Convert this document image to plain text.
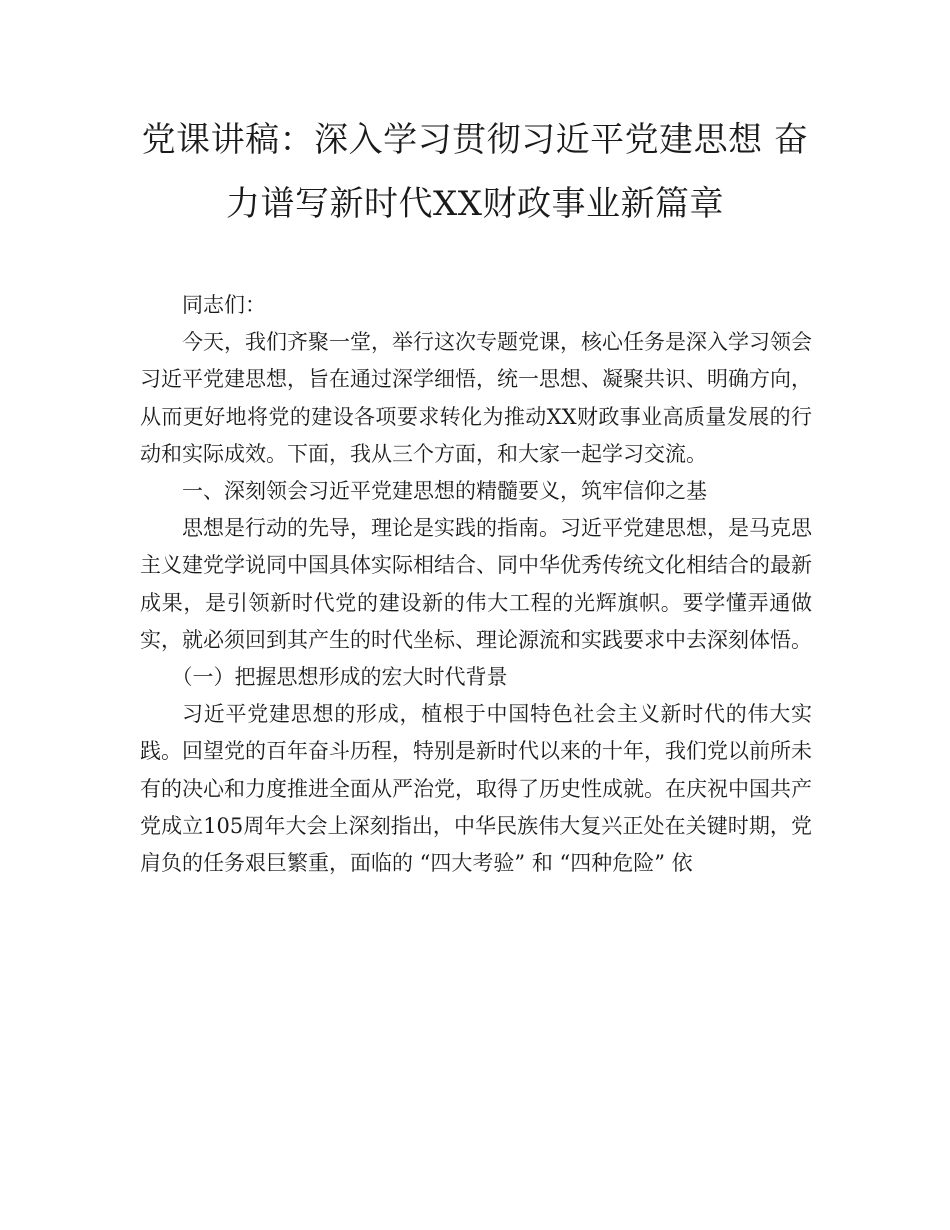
党课讲稿：深入学习贯彻习近平党建思想 奋
力谱写新时代XX财政事业新篇章

同志们：

今天，我们齐聚一堂，举行这次专题党课，核心任务是深入学习领会习近平党建思想，旨在通过深学细悟，统一思想、凝聚共识、明确方向，从而更好地将党的建设各项要求转化为推动XX财政事业高质量发展的行动和实际成效。下面，我从三个方面，和大家一起学习交流。

一、深刻领会习近平党建思想的精髓要义，筑牢信仰之基

思想是行动的先导，理论是实践的指南。习近平党建思想，是马克思主义建党学说同中国具体实际相结合、同中华优秀传统文化相结合的最新成果，是引领新时代党的建设新的伟大工程的光辉旗帜。要学懂弄通做实，就必须回到其产生的时代坐标、理论源流和实践要求中去深刻体悟。

（一）把握思想形成的宏大时代背景

习近平党建思想的形成，植根于中国特色社会主义新时代的伟大实践。回望党的百年奋斗历程，特别是新时代以来的十年，我们党以前所未有的决心和力度推进全面从严治党，取得了历史性成就。在庆祝中国共产党成立105周年大会上深刻指出，中华民族伟大复兴正处在关键时期，党肩负的任务艰巨繁重，面临的 “四大考验” 和 “四种危险” 依
